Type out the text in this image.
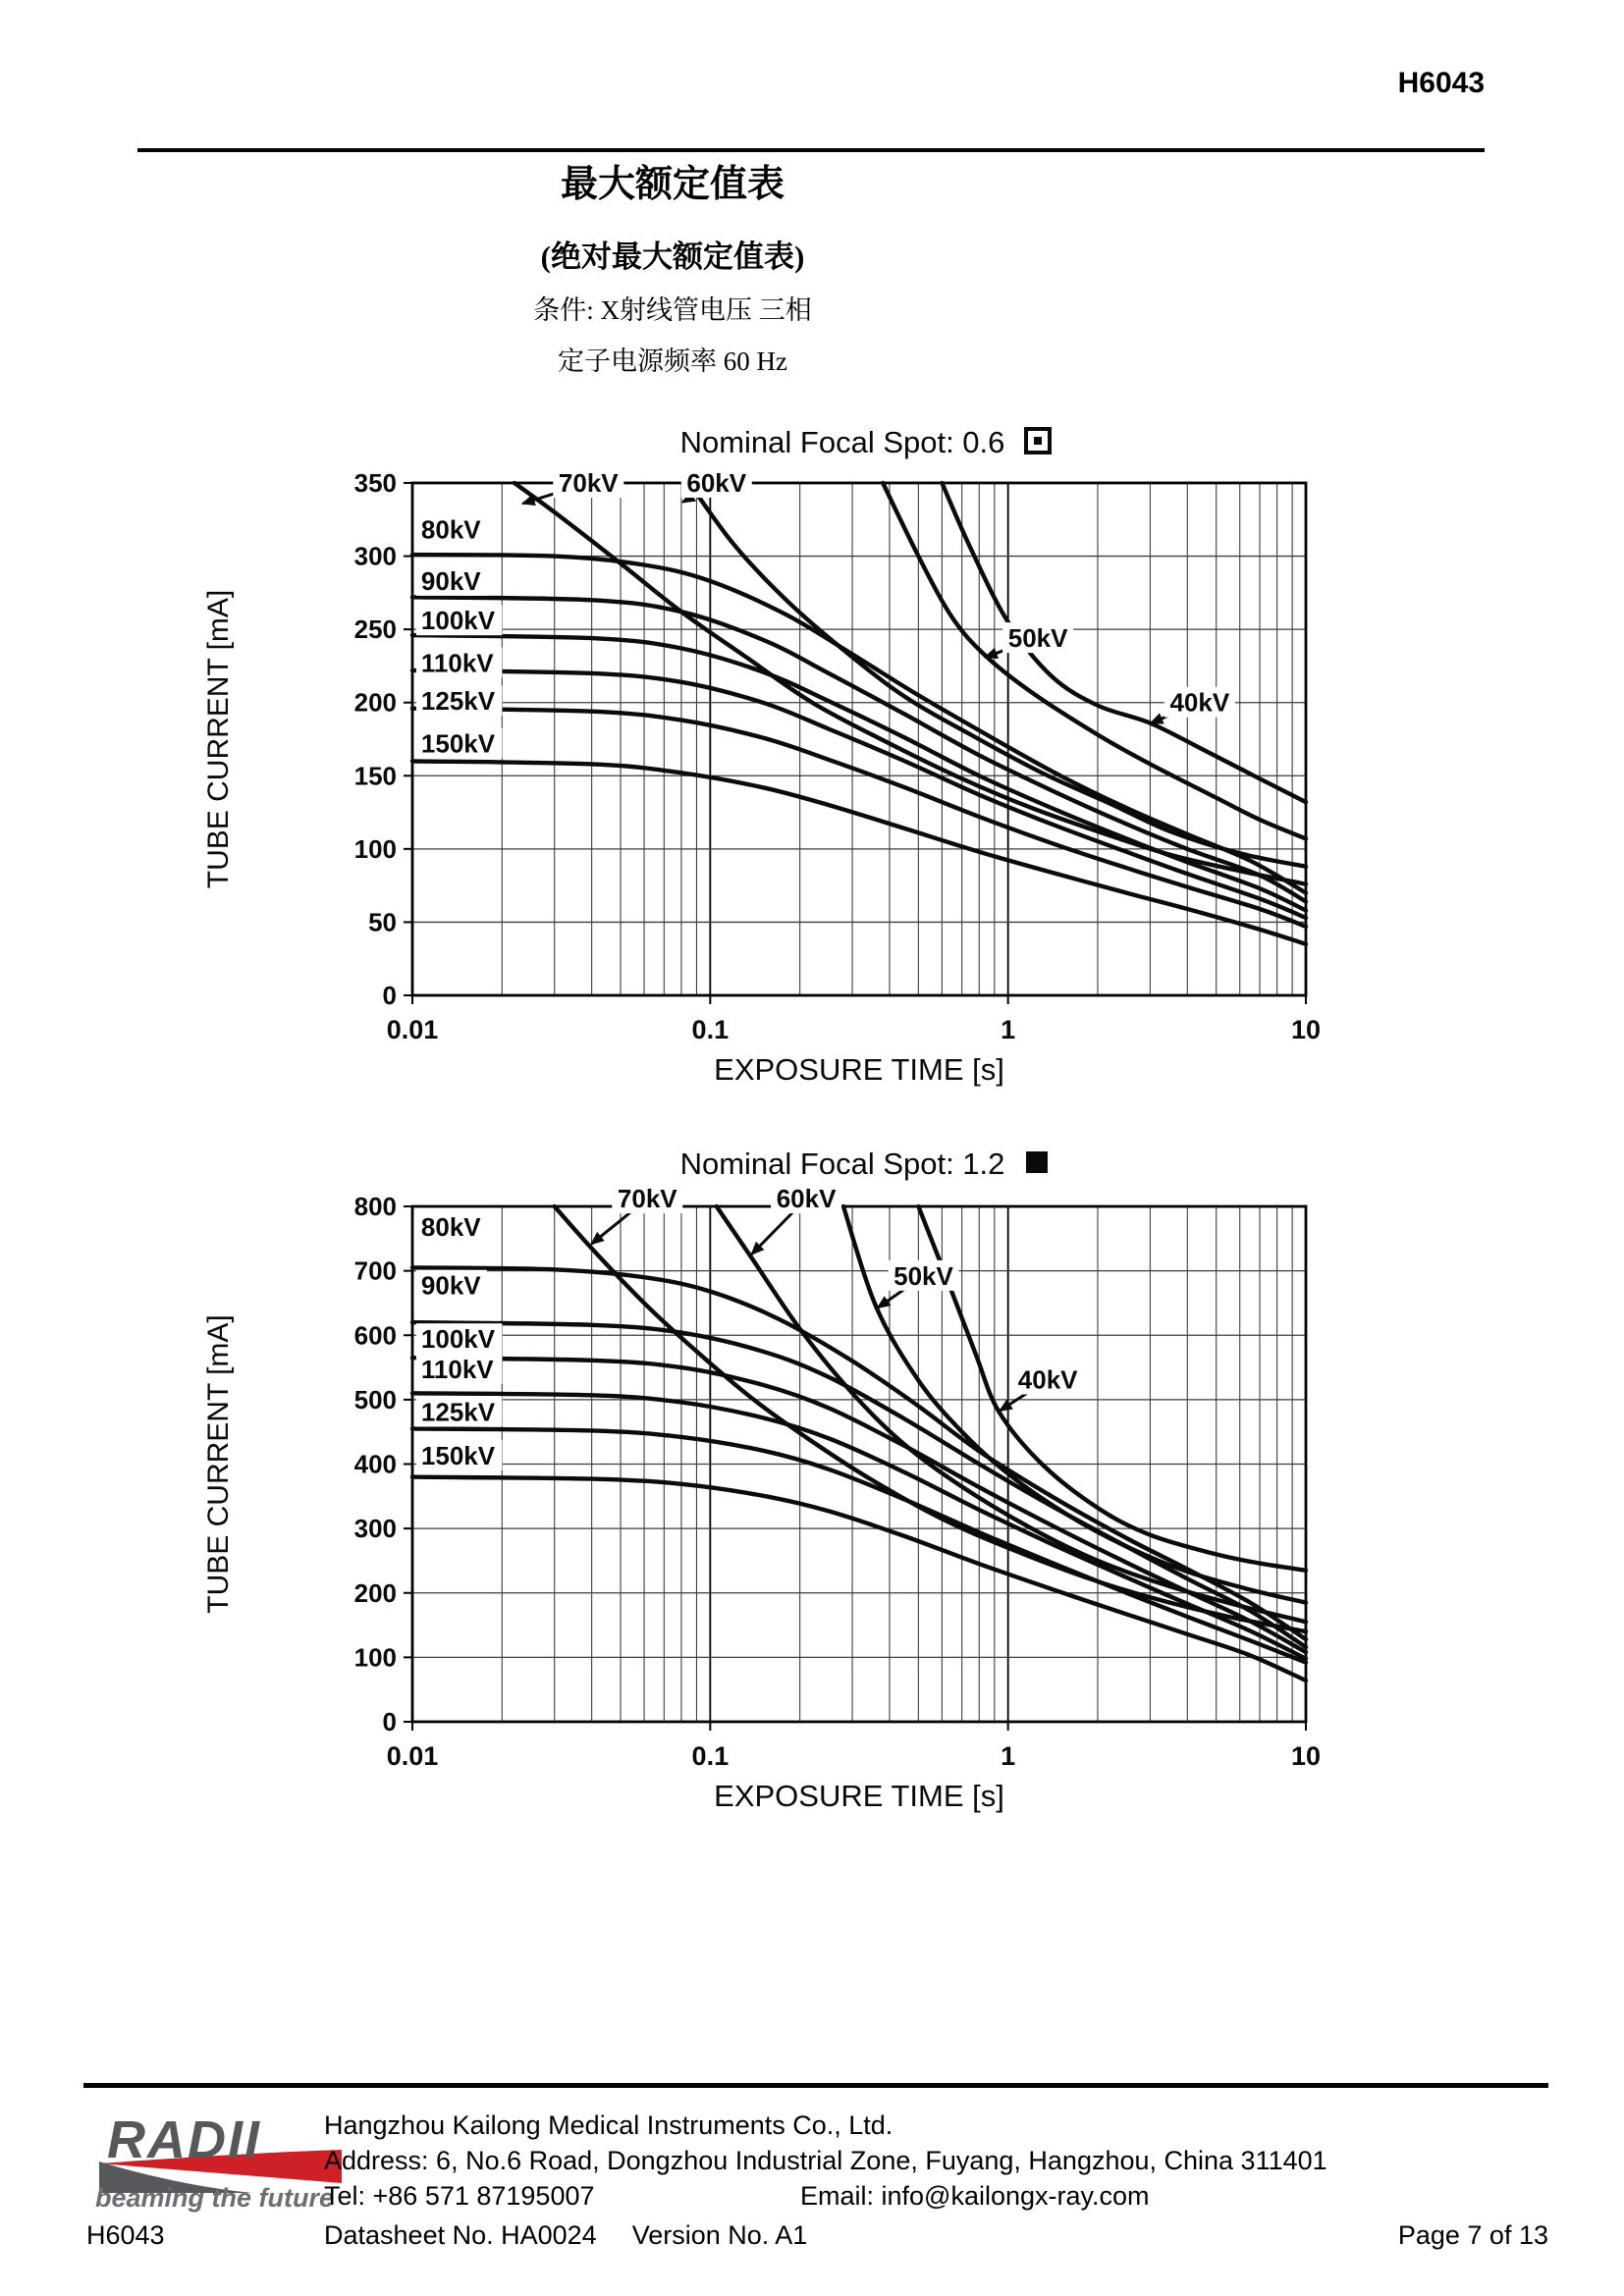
H6043
最大额定值表
(绝对最大额定值表)

条件: X射线管电压 三相

定子电源频率 60 Hz

0
50
100
150
200
250
300
350
0.01	0.1	1	10
EXPOSURE TIME [s]
TUBE CURRENT [mA]
Nominal Focal Spot: 0.6
80kV
90kV
100kV
110kV
125kV
150kV
70kV	60kV
50kV
40kV
0
100
200
300
400
500
600
700
800
0.01	0.1	1	10
EXPOSURE TIME [s]
TUBE CURRENT [mA]
Nominal Focal Spot: 1.2
80kV
90kV
100kV
110kV
125kV
150kV
70kV	60kV
50kV
40kV
RADII
beaming the future
Hangzhou Kailong Medical Instruments Co., Ltd.
Address: 6, No.6 Road, Dongzhou Industrial Zone, Fuyang, Hangzhou, China 311401
Tel: +86 571 87195007	Email: info@kailongx-ray.com
H6043	Datasheet No. HA0024 Version No. A1	Page 7 of 13
